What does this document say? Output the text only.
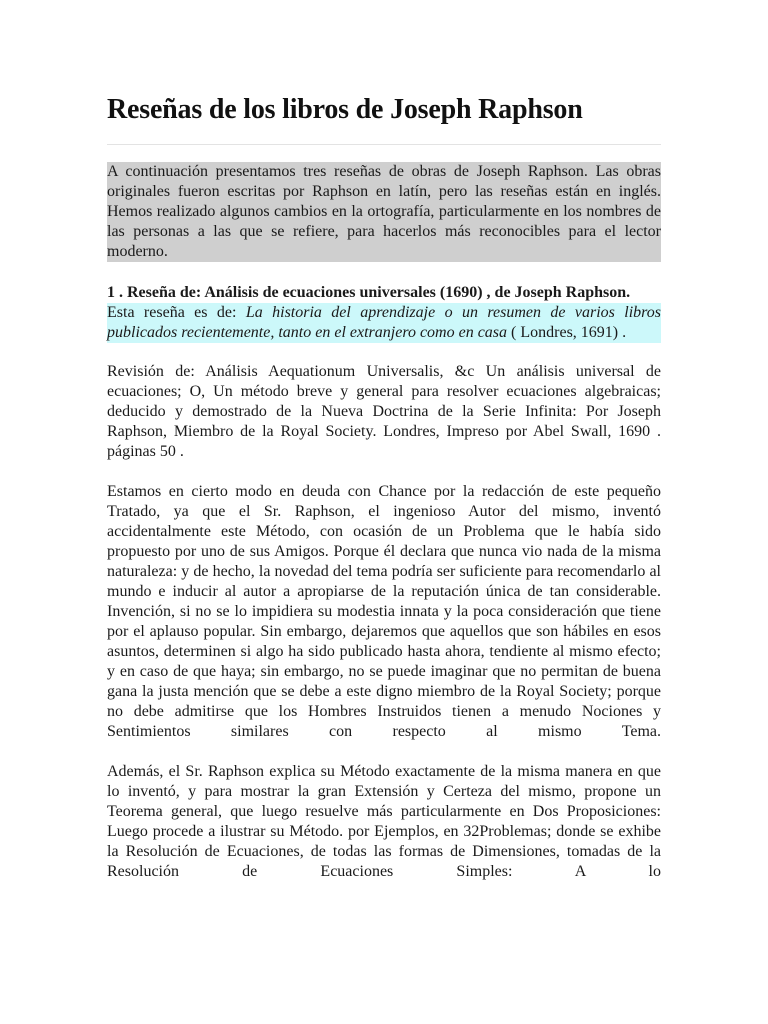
Reseñas de los libros de Joseph Raphson
A continuación presentamos tres reseñas de obras de Joseph Raphson. Las obras originales fueron escritas por Raphson en latín, pero las reseñas están en inglés. Hemos realizado algunos cambios en la ortografía, particularmente en los nombres de las personas a las que se refiere, para hacerlos más reconocibles para el lector moderno.
1 . Reseña de: Análisis de ecuaciones universales (1690) , de Joseph Raphson.
Esta reseña es de: La historia del aprendizaje o un resumen de varios libros publicados recientemente, tanto en el extranjero como en casa ( Londres, 1691) .
Revisión de: Análisis Aequationum Universalis, &c Un análisis universal de ecuaciones; O, Un método breve y general para resolver ecuaciones algebraicas; deducido y demostrado de la Nueva Doctrina de la Serie Infinita: Por Joseph Raphson, Miembro de la Royal Society. Londres, Impreso por Abel Swall, 1690 . páginas 50 .
Estamos en cierto modo en deuda con Chance por la redacción de este pequeño Tratado, ya que el Sr. Raphson, el ingenioso Autor del mismo, inventó accidentalmente este Método, con ocasión de un Problema que le había sido propuesto por uno de sus Amigos. Porque él declara que nunca vio nada de la misma naturaleza: y de hecho, la novedad del tema podría ser suficiente para recomendarlo al mundo e inducir al autor a apropiarse de la reputación única de tan considerable. Invención, si no se lo impidiera su modestia innata y la poca consideración que tiene por el aplauso popular. Sin embargo, dejaremos que aquellos que son hábiles en esos asuntos, determinen si algo ha sido publicado hasta ahora, tendiente al mismo efecto; y en caso de que haya; sin embargo, no se puede imaginar que no permitan de buena gana la justa mención que se debe a este digno miembro de la Royal Society; porque no debe admitirse que los Hombres Instruidos tienen a menudo Nociones y Sentimientos similares con respecto al mismo Tema.
Además, el Sr. Raphson explica su Método exactamente de la misma manera en que lo inventó, y para mostrar la gran Extensión y Certeza del mismo, propone un Teorema general, que luego resuelve más particularmente en Dos Proposiciones: Luego procede a ilustrar su Método. por Ejemplos, en 32Problemas; donde se exhibe la Resolución de Ecuaciones, de todas las formas de Dimensiones, tomadas de la Resolución de Ecuaciones Simples: A lo
